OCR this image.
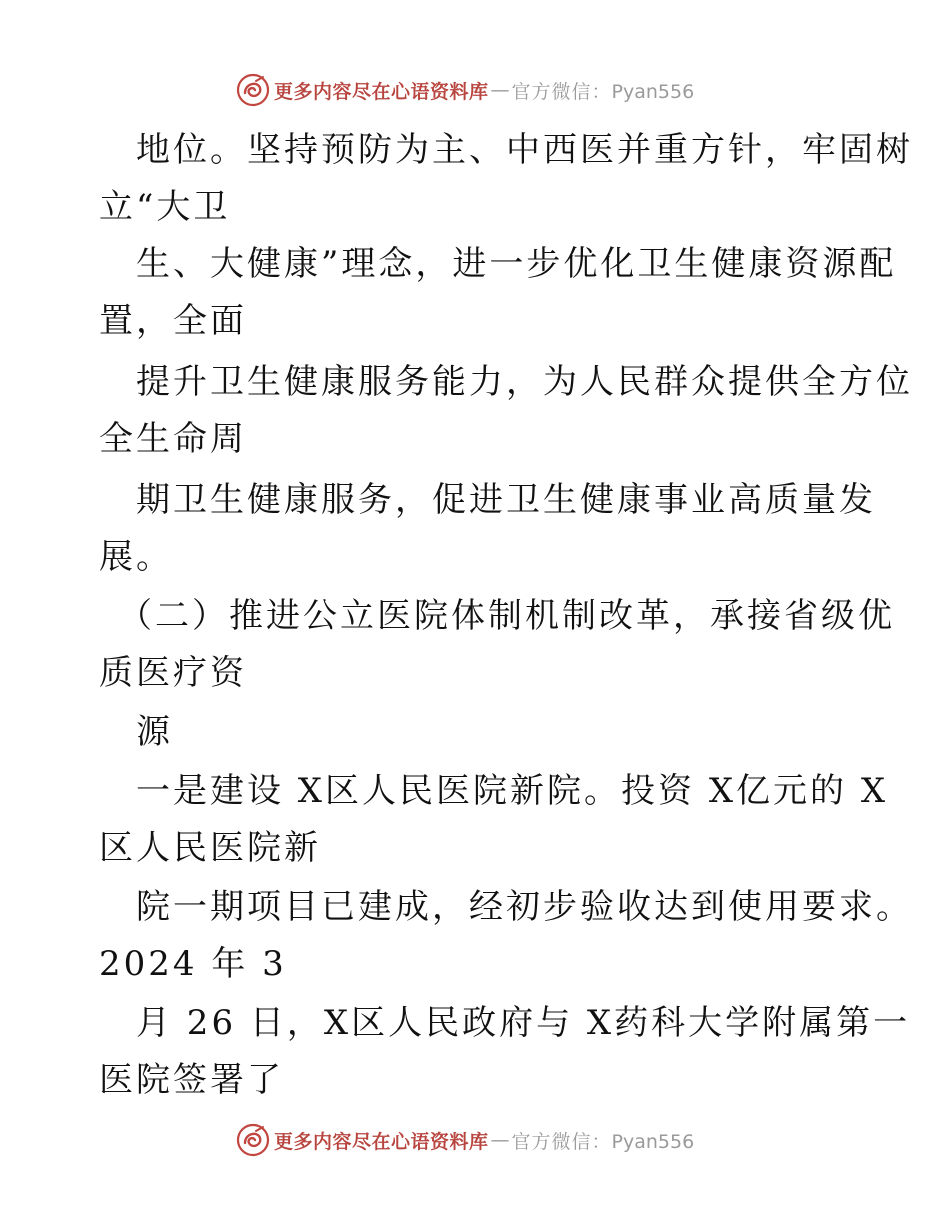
更多内容尽在心语资料库 — 官方微信：Pyan556
地位。坚持预防为主、中西医并重方针，牢固树
立“大卫
生、大健康”理念，进一步优化卫生健康资源配
置，全面
提升卫生健康服务能力，为人民群众提供全方位
全生命周
期卫生健康服务，促进卫生健康事业高质量发
展。
（二）推进公立医院体制机制改革，承接省级优
质医疗资
源
一是建设 X区人民医院新院。投资 X亿元的 X
区人民医院新
院一期项目已建成，经初步验收达到使用要求。
2024 年 3
月 26 日，X区人民政府与 X药科大学附属第一
医院签署了
更多内容尽在心语资料库 — 官方微信：Pyan556
